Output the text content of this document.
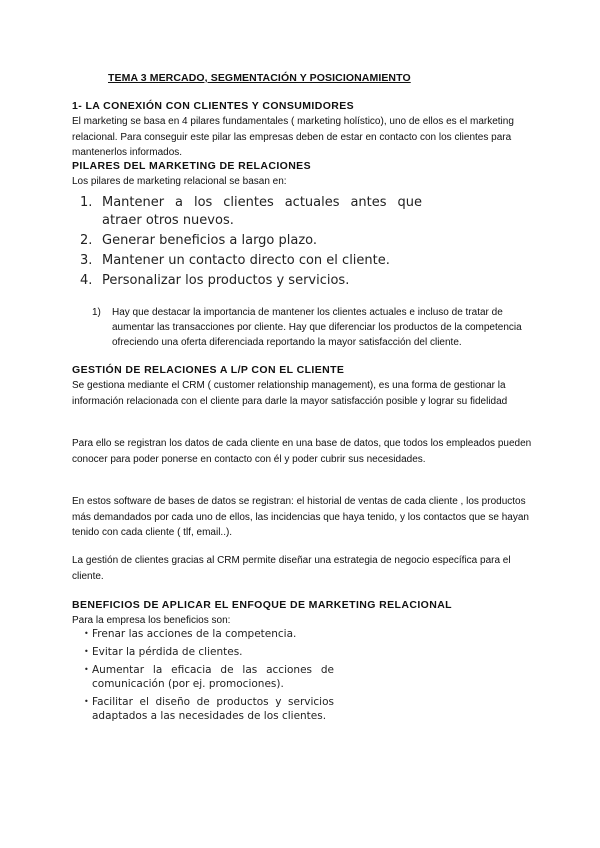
TEMA 3 MERCADO, SEGMENTACIÓN Y POSICIONAMIENTO
1- LA CONEXIÓN CON CLIENTES Y CONSUMIDORES
El marketing se basa en 4 pilares fundamentales ( marketing holístico), uno de ellos es el marketing relacional. Para conseguir este pilar las empresas deben de estar en contacto con los clientes para mantenerlos informados.
PILARES DEL MARKETING DE RELACIONES
Los pilares de marketing relacional se basan en:
1. Mantener a los clientes actuales antes que atraer otros nuevos.
2. Generar beneficios a largo plazo.
3. Mantener un contacto directo con el cliente.
4. Personalizar los productos y servicios.
1) Hay que destacar la importancia de mantener los clientes actuales e incluso de tratar de aumentar las transacciones por cliente. Hay que diferenciar los productos de la competencia ofreciendo una oferta diferenciada reportando la mayor satisfacción del cliente.
GESTIÓN DE RELACIONES A L/P CON EL CLIENTE
Se gestiona mediante el CRM ( customer relationship management), es una forma de gestionar la información relacionada con el cliente para darle la mayor satisfacción posible y lograr su fidelidad
Para ello se registran los datos de cada cliente en una base de datos, que todos los empleados pueden conocer para poder ponerse en contacto con él y poder cubrir sus necesidades.
En estos software de bases de datos se registran: el historial de ventas de cada cliente , los productos más demandados por cada uno de ellos, las incidencias que haya tenido, y los contactos que se hayan tenido con cada cliente ( tlf, email..).
La gestión de clientes gracias al CRM permite diseñar una estrategia de negocio específica para el cliente.
BENEFICIOS DE APLICAR EL ENFOQUE DE MARKETING RELACIONAL
Para la empresa los beneficios son:
• Frenar las acciones de la competencia.
• Evitar la pérdida de clientes.
• Aumentar la eficacia de las acciones de comunicación (por ej. promociones).
• Facilitar el diseño de productos y servicios adaptados a las necesidades de los clientes.
